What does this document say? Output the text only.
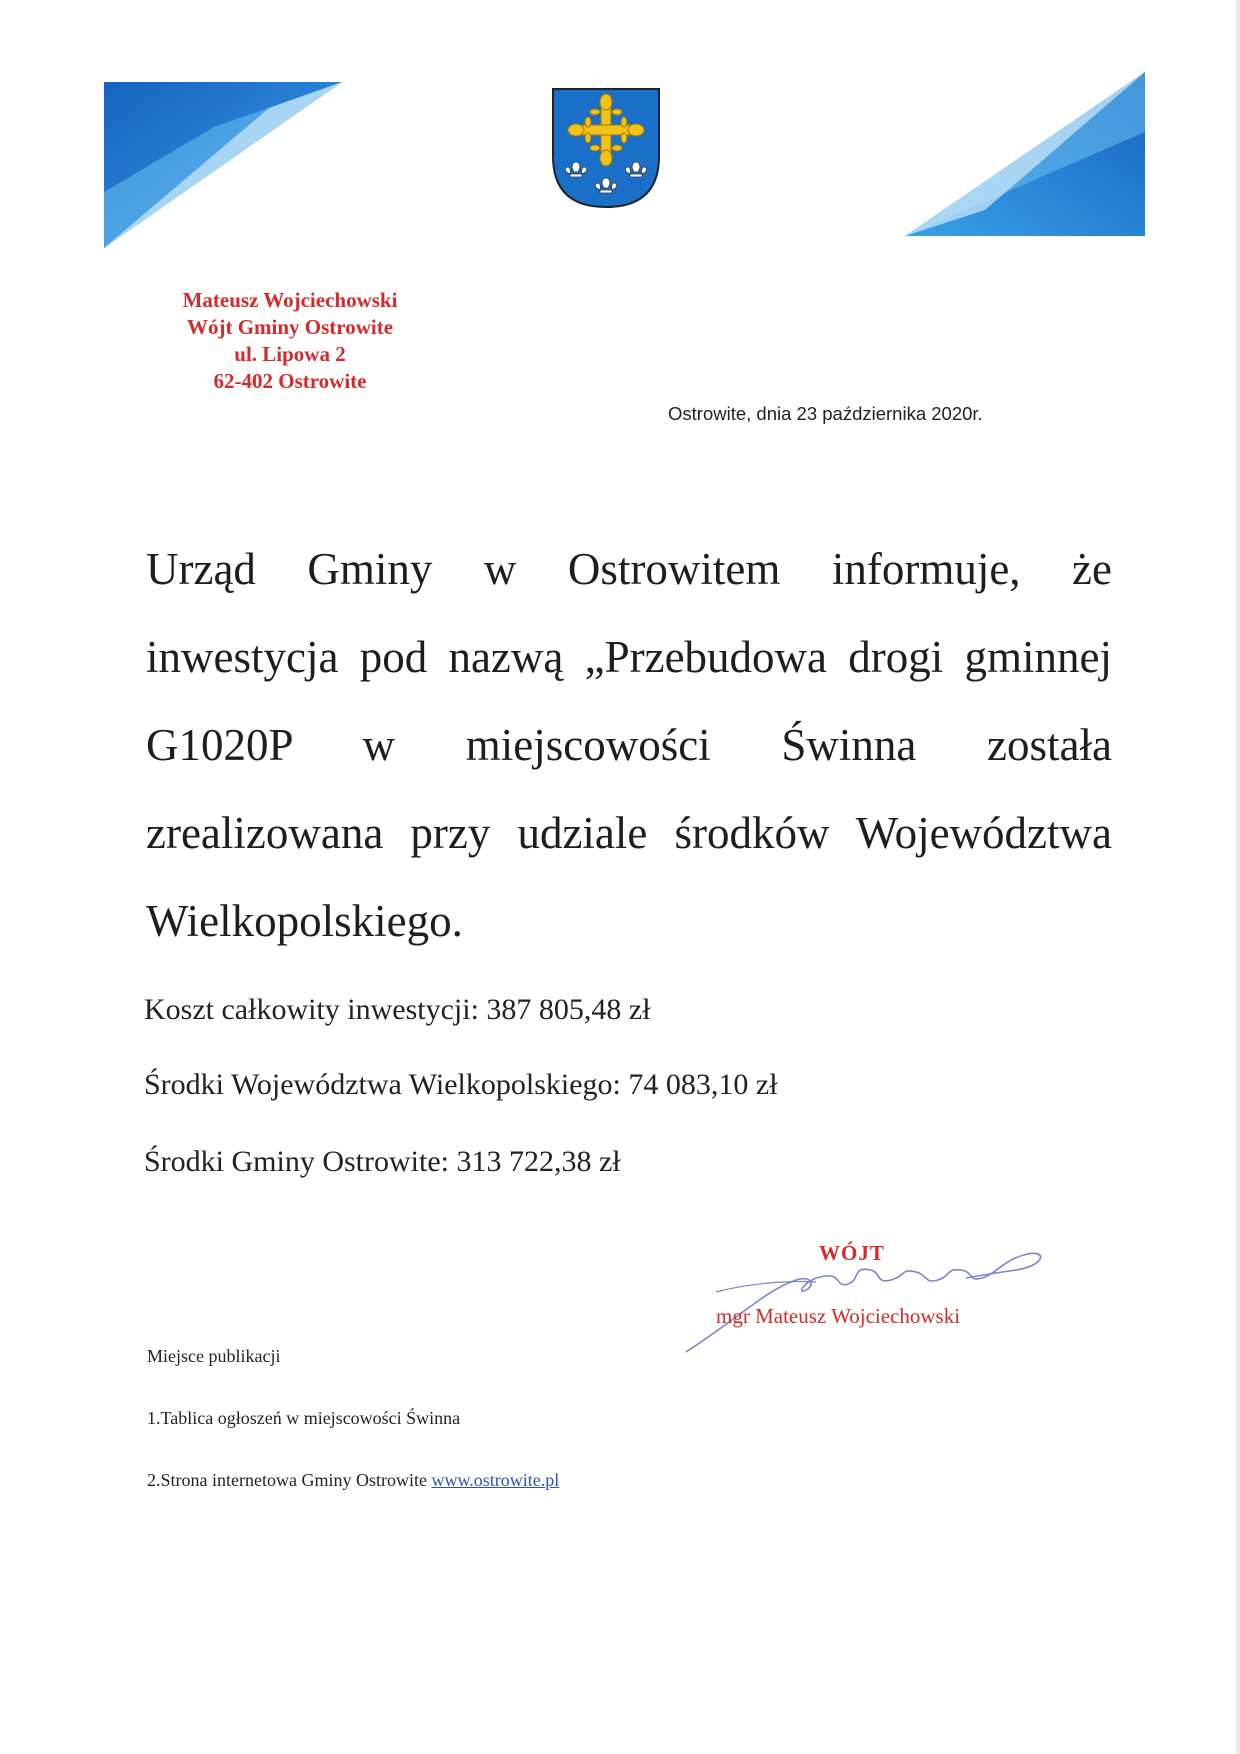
Mateusz Wojciechowski
Wójt Gminy Ostrowite
ul. Lipowa 2
62-402 Ostrowite
Ostrowite, dnia 23 października 2020r.
Urząd Gminy w Ostrowitem informuje, że inwestycja pod nazwą „Przebudowa drogi gminnej G1020P w miejscowości Świnna została zrealizowana przy udziale środków Województwa Wielkopolskiego.
Koszt całkowity inwestycji: 387 805,48 zł
Środki Województwa Wielkopolskiego: 74 083,10 zł
Środki Gminy Ostrowite: 313 722,38 zł
WÓJT
mgr Mateusz Wojciechowski
Miejsce publikacji
1.Tablica ogłoszeń w miejscowości Świnna
2.Strona internetowa Gminy Ostrowite www.ostrowite.pl
